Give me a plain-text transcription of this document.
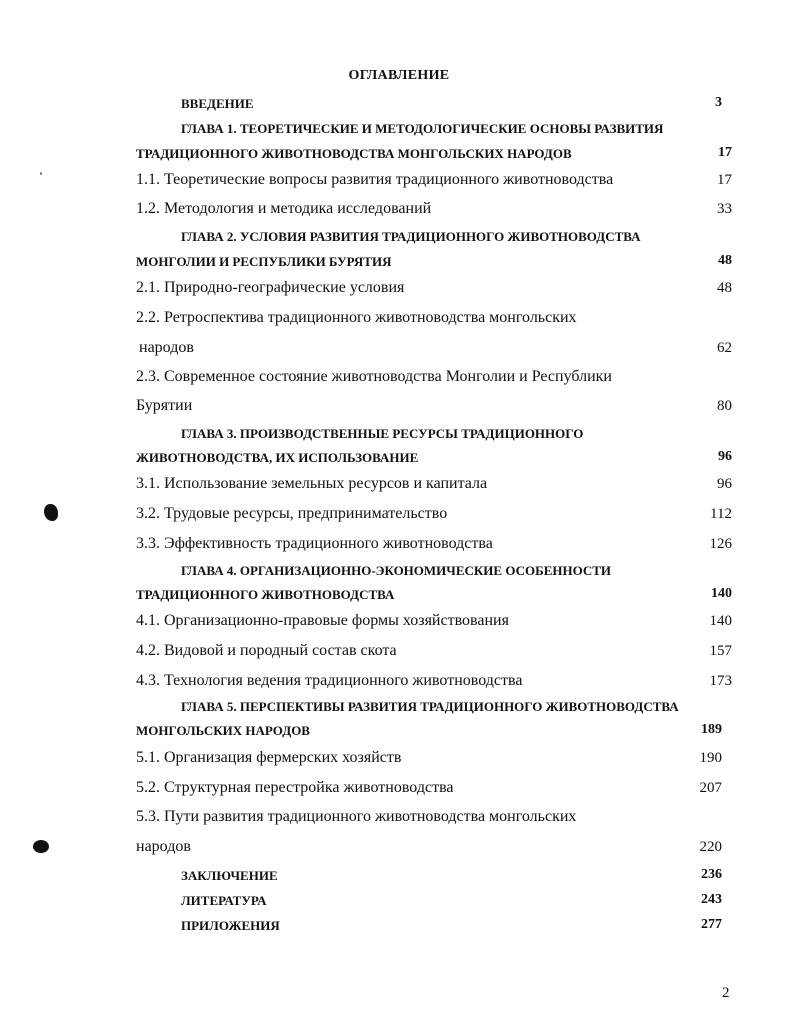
ОГЛАВЛЕНИЕ
ВВЕДЕНИЕ	3
ГЛАВА 1. ТЕОРЕТИЧЕСКИЕ И МЕТОДОЛОГИЧЕСКИЕ ОСНОВЫ РАЗВИТИЯ
ТРАДИЦИОННОГО ЖИВОТНОВОДСТВА МОНГОЛЬСКИХ НАРОДОВ	17
1.1. Теоретические вопросы развития традиционного животноводства	17
1.2. Методология и методика исследований	33
ГЛАВА 2. УСЛОВИЯ РАЗВИТИЯ ТРАДИЦИОННОГО ЖИВОТНОВОДСТВА
МОНГОЛИИ И РЕСПУБЛИКИ БУРЯТИЯ	48
2.1. Природно-географические условия	48
2.2. Ретроспектива традиционного животноводства монгольских
народов	62
2.3. Современное состояние животноводства Монголии и Республики
Бурятии	80
ГЛАВА 3. ПРОИЗВОДСТВЕННЫЕ РЕСУРСЫ ТРАДИЦИОННОГО
ЖИВОТНОВОДСТВА, ИХ ИСПОЛЬЗОВАНИЕ	96
3.1. Использование земельных ресурсов и капитала	96
3.2. Трудовые ресурсы, предпринимательство	112
3.3. Эффективность традиционного животноводства	126
ГЛАВА 4. ОРГАНИЗАЦИОННО-ЭКОНОМИЧЕСКИЕ ОСОБЕННОСТИ
ТРАДИЦИОННОГО ЖИВОТНОВОДСТВА	140
4.1. Организационно-правовые формы хозяйствования	140
4.2. Видовой и породный состав скота	157
4.3. Технология ведения традиционного животноводства	173
ГЛАВА 5. ПЕРСПЕКТИВЫ РАЗВИТИЯ ТРАДИЦИОННОГО ЖИВОТНОВОДСТВА
МОНГОЛЬСКИХ НАРОДОВ	189
5.1. Организация фермерских хозяйств	190
5.2. Структурная перестройка животноводства	207
5.3. Пути развития традиционного животноводства монгольских
народов	220
ЗАКЛЮЧЕНИЕ	236
ЛИТЕРАТУРА	243
ПРИЛОЖЕНИЯ	277
2
